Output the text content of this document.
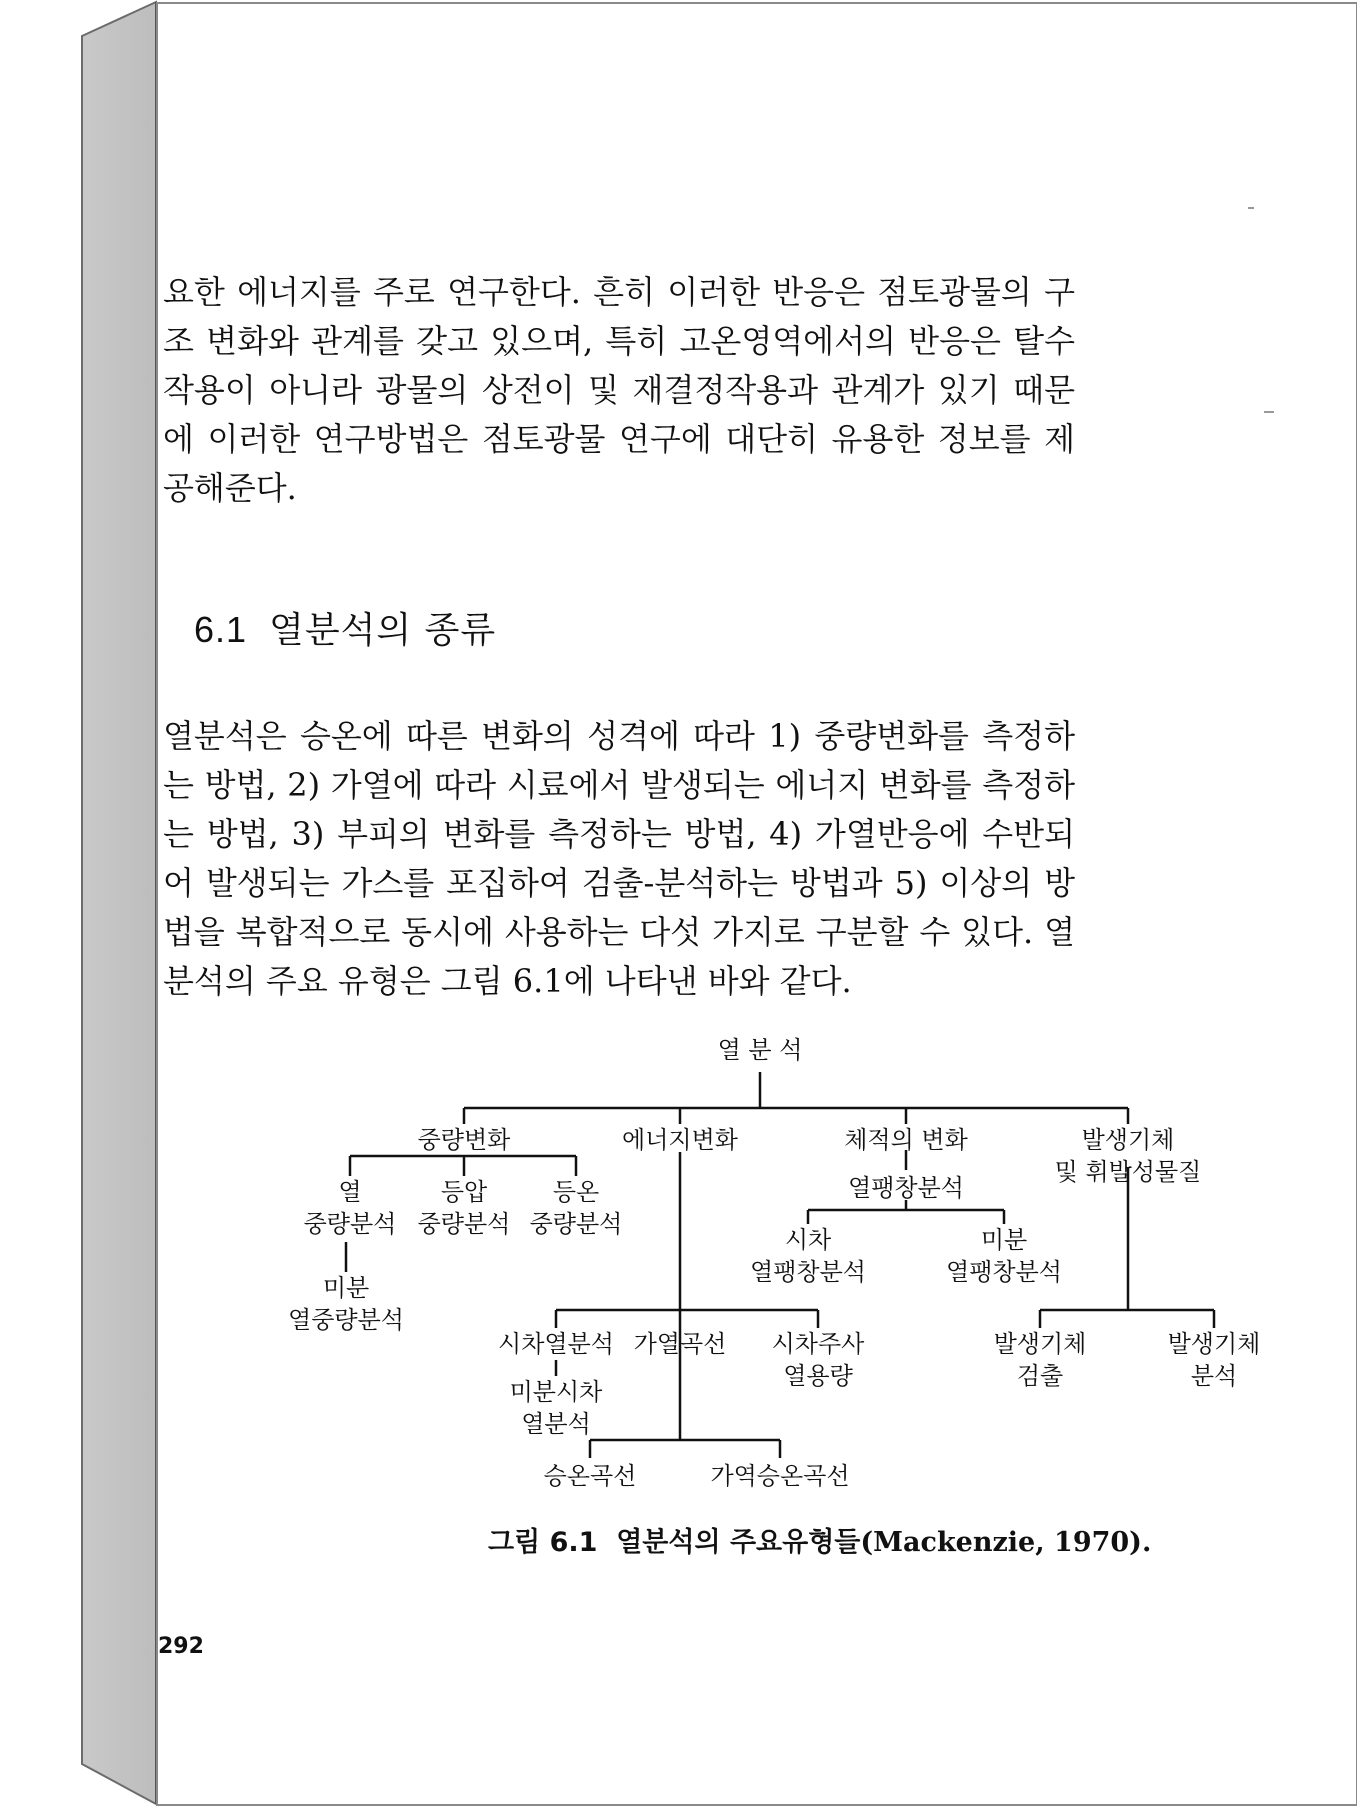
요한 에너지를 주로 연구한다. 흔히 이러한 반응은 점토광물의 구조 변화와 관계를 갖고 있으며, 특히 고온영역에서의 반응은 탈수작용이 아니라 광물의 상전이 및 재결정작용과 관계가 있기 때문에 이러한 연구방법은 점토광물 연구에 대단히 유용한 정보를 제공해준다.

6.1 열분석의 종류

열분석은 승온에 따른 변화의 성격에 따라 1) 중량변화를 측정하는 방법, 2) 가열에 따라 시료에서 발생되는 에너지 변화를 측정하는 방법, 3) 부피의 변화를 측정하는 방법, 4) 가열반응에 수반되어 발생되는 가스를 포집하여 검출-분석하는 방법과 5) 이상의 방법을 복합적으로 동시에 사용하는 다섯 가지로 구분할 수 있다. 열분석의 주요 유형은 그림 6.1에 나타낸 바와 같다.

열 분 석
중량변화	에너지변화	체적의 변화	발생기체
및 휘발성물질
열
중량분석
등압
중량분석
등온
중량분석
미분
열중량분석
열팽창분석
시차
열팽창분석
미분
열팽창분석
시차열분석 가열곡선 시차주사
열용량
미분시차
열분석
승온곡선	가역승온곡선
발생기체
검출
발생기체
분석
그림 6.1 열분석의 주요유형들(Mackenzie, 1970).
292
